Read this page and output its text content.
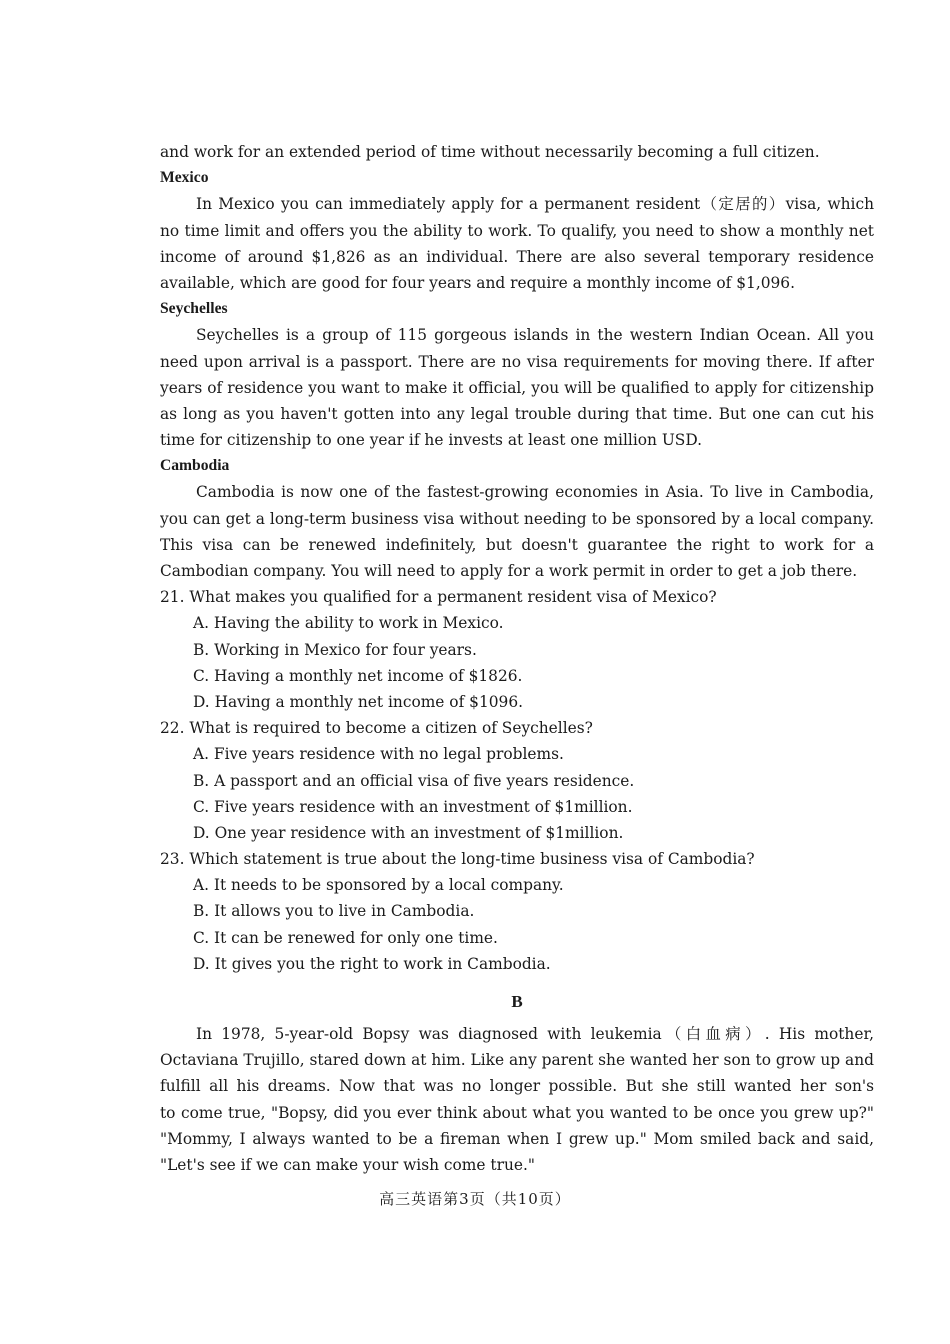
and work for an extended period of time without necessarily becoming a full citizen.
Mexico
In Mexico you can immediately apply for a permanent resident（定居的）visa, which
no time limit and offers you the ability to work. To qualify, you need to show a monthly net
income of around $1,826 as an individual. There are also several temporary residence
available, which are good for four years and require a monthly income of $1,096.
Seychelles
Seychelles is a group of 115 gorgeous islands in the western Indian Ocean. All you
need upon arrival is a passport. There are no visa requirements for moving there. If after
years of residence you want to make it official, you will be qualified to apply for citizenship
as long as you haven't gotten into any legal trouble during that time. But one can cut his
time for citizenship to one year if he invests at least one million USD.
Cambodia
Cambodia is now one of the fastest-growing economies in Asia. To live in Cambodia,
you can get a long-term business visa without needing to be sponsored by a local company.
This visa can be renewed indefinitely, but doesn't guarantee the right to work for a
Cambodian company. You will need to apply for a work permit in order to get a job there.
21. What makes you qualified for a permanent resident visa of Mexico?
A. Having the ability to work in Mexico.
B. Working in Mexico for four years.
C. Having a monthly net income of $1826.
D. Having a monthly net income of $1096.
22. What is required to become a citizen of Seychelles?
A. Five years residence with no legal problems.
B. A passport and an official visa of five years residence.
C. Five years residence with an investment of $1million.
D. One year residence with an investment of $1million.
23. Which statement is true about the long-time business visa of Cambodia?
A. It needs to be sponsored by a local company.
B. It allows you to live in Cambodia.
C. It can be renewed for only one time.
D. It gives you the right to work in Cambodia.
B
In 1978, 5-year-old Bopsy was diagnosed with leukemia（白血病）. His mother,
Octaviana Trujillo, stared down at him. Like any parent she wanted her son to grow up and
fulfill all his dreams. Now that was no longer possible. But she still wanted her son's
to come true, "Bopsy, did you ever think about what you wanted to be once you grew up?"
"Mommy, I always wanted to be a fireman when I grew up." Mom smiled back and said,
"Let's see if we can make your wish come true."
高三英语第3页（共10页）
